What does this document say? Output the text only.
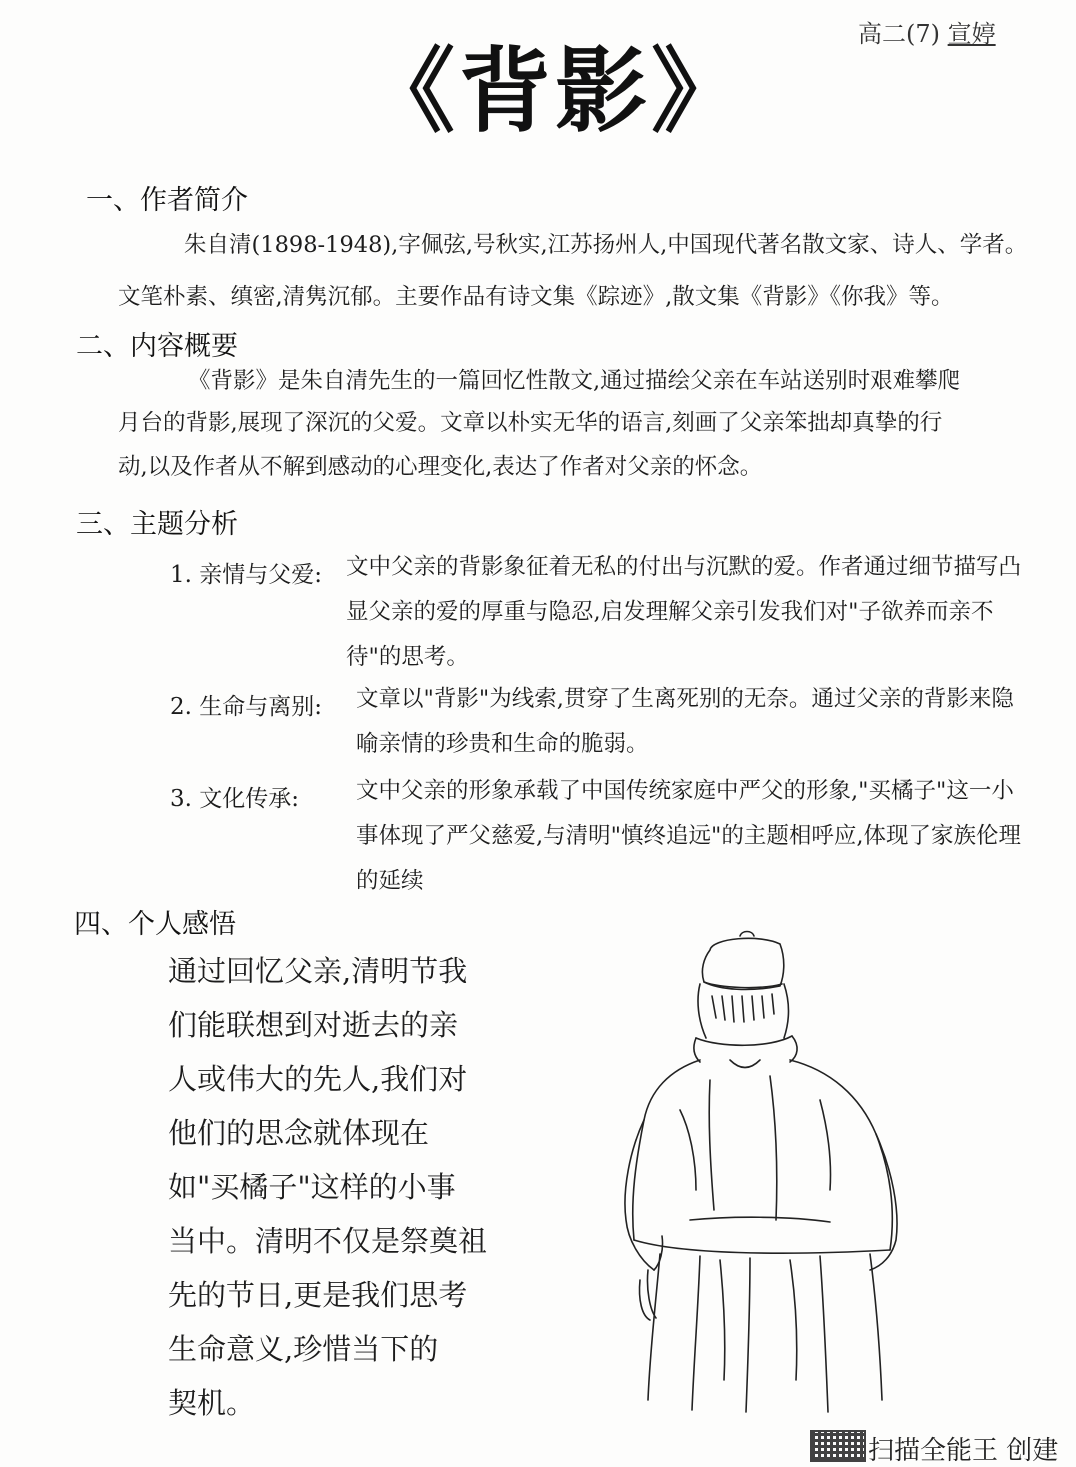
《背影》
高二(7) 宣婷
一、作者简介
朱自清(1898-1948),字佩弦,号秋实,江苏扬州人,中国现代著名散文家、诗人、学者。
文笔朴素、缜密,清隽沉郁。主要作品有诗文集《踪迹》,散文集《背影》《你我》等。
二、内容概要
《背影》是朱自清先生的一篇回忆性散文,通过描绘父亲在车站送别时艰难攀爬
月台的背影,展现了深沉的父爱。文章以朴实无华的语言,刻画了父亲笨拙却真挚的行
动,以及作者从不解到感动的心理变化,表达了作者对父亲的怀念。
三、主题分析
1. 亲情与父爱: 文中父亲的背影象征着无私的付出与沉默的爱。作者通过细节描写凸显父亲的爱的厚重与隐忍,启发理解父亲引发我们对"子欲养而亲不待"的思考。
2. 生命与离别: 文章以"背影"为线索,贯穿了生离死别的无奈。通过父亲的背影来隐喻亲情的珍贵和生命的脆弱。
3. 文化传承:	文中父亲的形象承载了中国传统家庭中严父的形象,"买橘子"这一小事体现了严父慈爱,与清明"慎终追远"的主题相呼应,体现了家族伦理的延续
四、个人感悟
通过回忆父亲,清明节我
们能联想到对逝去的亲
人或伟大的先人,我们对
他们的思念就体现在
如"买橘子"这样的小事
当中。清明不仅是祭奠祖
先的节日,更是我们思考
生命意义,珍惜当下的
契机。
扫描全能王 创建
